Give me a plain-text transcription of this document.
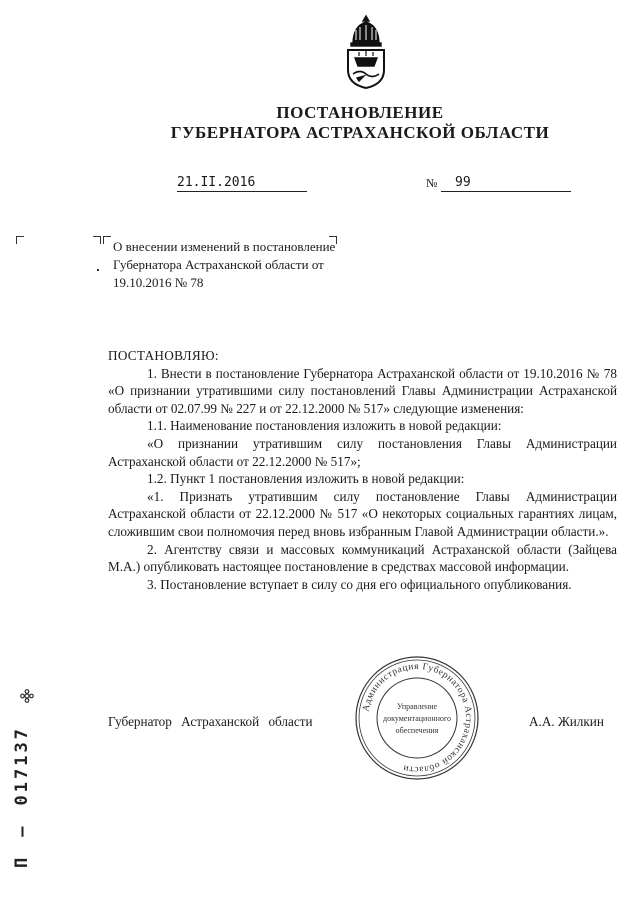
ПОСТАНОВЛЕНИЕ
ГУБЕРНАТОРА АСТРАХАНСКОЙ ОБЛАСТИ
21.II.2016	№	99
О внесении изменений в постановление Губернатора Астраханской области от 19.10.2016 № 78

ПОСТАНОВЛЯЮ:

1. Внести в постановление Губернатора Астраханской области от 19.10.2016 № 78 «О признании утратившими силу постановлений Главы Администрации Астраханской области от 02.07.99 № 227 и от 22.12.2000 № 517» следующие изменения:

1.1. Наименование постановления изложить в новой редакции:

«О признании утратившим силу постановления Главы Администрации Астраханской области от 22.12.2000 № 517»;

1.2. Пункт 1 постановления изложить в новой редакции:

«1. Признать утратившим силу постановление Главы Администрации Астраханской области от 22.12.2000 № 517 «О некоторых социальных гарантиях лицам, сложившим свои полномочия перед вновь избранным Главой Администрации области.».

2. Агентству связи и массовых коммуникаций Астраханской области (Зайцева М.А.) опубликовать настоящее постановление в средствах массовой информации.

3. Постановление вступает в силу со дня его официального опубликования.

Губернатор Астраханской области	А.А. Жилкин
Администрация Губернатора Астраханской области
Управление
документационного
обеспечения
П—017137
